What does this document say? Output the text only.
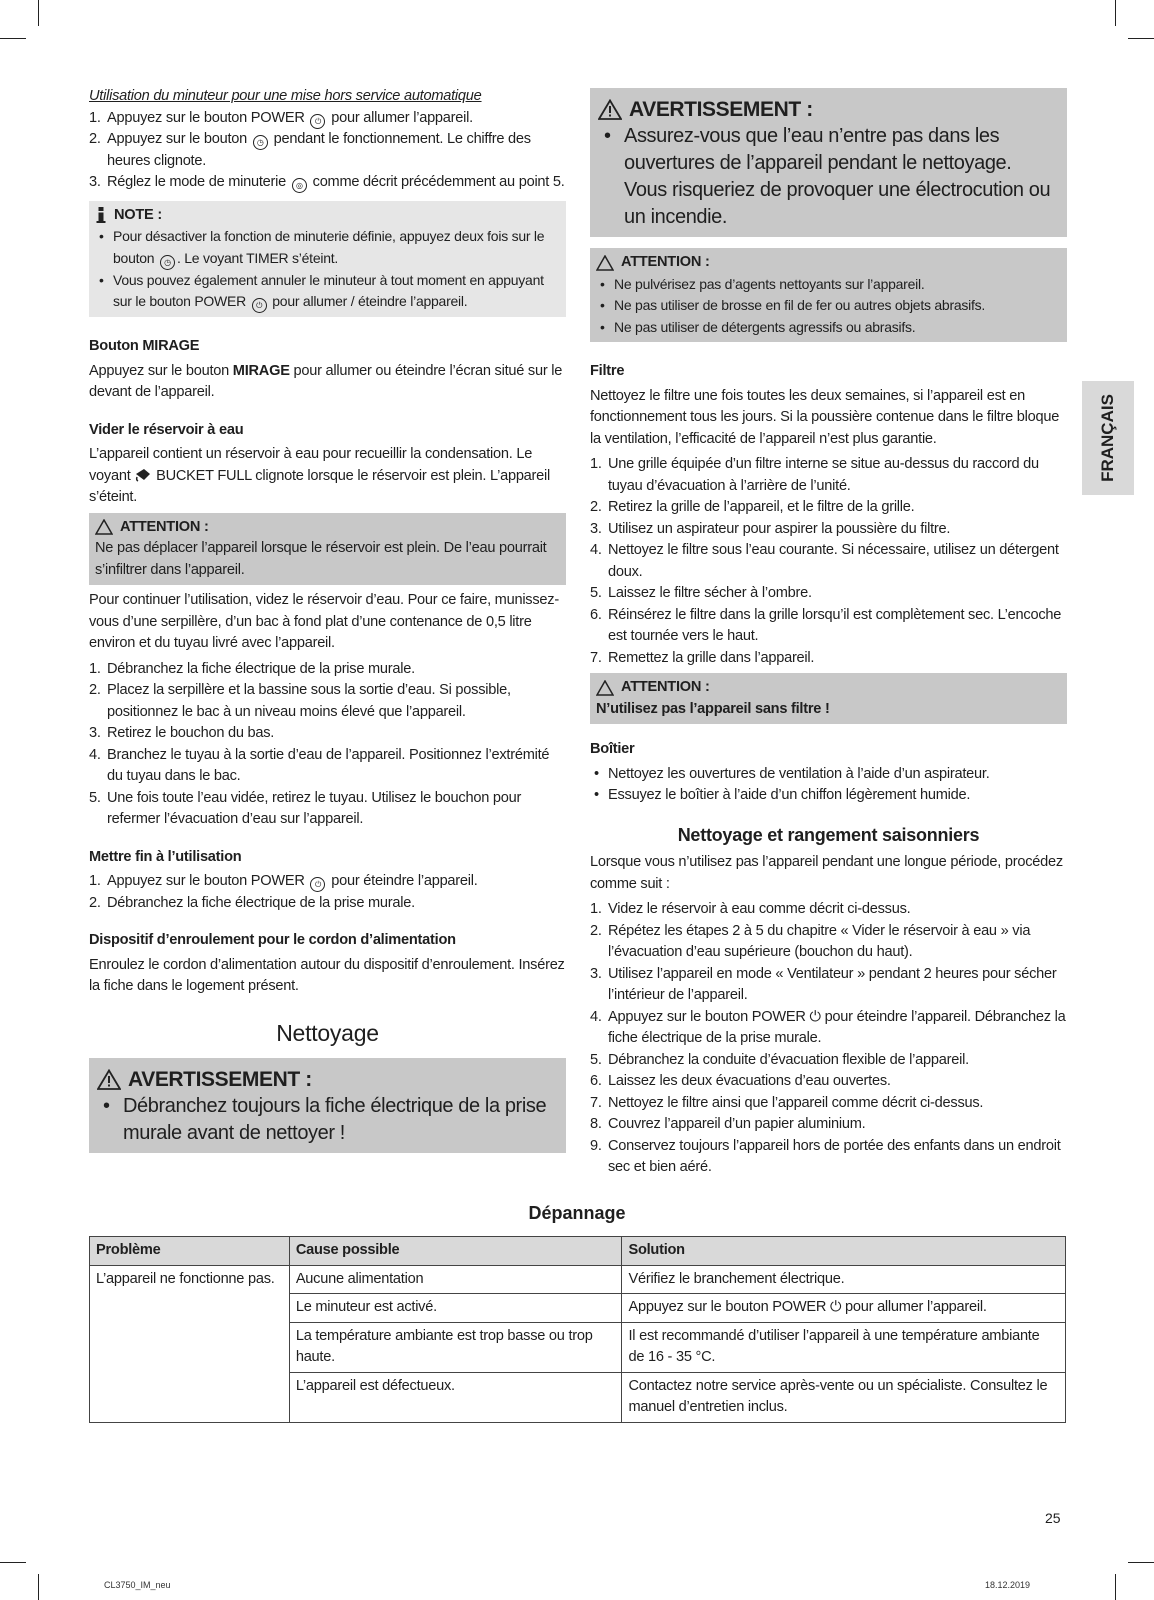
Utilisation du minuteur pour une mise hors service automatique

1. Appuyez sur le bouton POWER ⏻ pour allumer l’appareil.
2. Appuyez sur le bouton ◷ pendant le fonctionnement. Le chiffre des heures clignote.
3. Réglez le mode de minuterie ◎ comme décrit précédemment au point 5.
NOTE :
• Pour désactiver la fonction de minuterie définie, appuyez deux fois sur le bouton ◷ . Le voyant TIMER s’éteint.
• Vous pouvez également annuler le minuteur à tout moment en appuyant sur le bouton POWER ⏻ pour allumer / éteindre l’appareil.
Bouton MIRAGE

Appuyez sur le bouton MIRAGE pour allumer ou éteindre l’écran situé sur le devant de l’appareil.

Vider le réservoir à eau

L’appareil contient un réservoir à eau pour recueillir la condensation. Le voyant BUCKET FULL clignote lorsque le réservoir est plein. L’appareil s’éteint.

ATTENTION :

Ne pas déplacer l’appareil lorsque le réservoir est plein. De l’eau pourrait s’infiltrer dans l’appareil.

Pour continuer l’utilisation, videz le réservoir d’eau. Pour ce faire, munissez-vous d’une serpillère, d’un bac à fond plat d’une contenance de 0,5 litre environ et du tuyau livré avec l’appareil.

1. Débranchez la fiche électrique de la prise murale.
2. Placez la serpillère et la bassine sous la sortie d’eau. Si possible, positionnez le bac à un niveau moins élevé que l’appareil.
3. Retirez le bouchon du bas.
4. Branchez le tuyau à la sortie d’eau de l’appareil. Positionnez l’extrémité du tuyau dans le bac.
5. Une fois toute l’eau vidée, retirez le tuyau. Utilisez le bouchon pour refermer l’évacuation d’eau sur l’appareil.
Mettre fin à l’utilisation
1. Appuyez sur le bouton POWER ⏻ pour éteindre l’appareil.
2. Débranchez la fiche électrique de la prise murale.
Dispositif d’enroulement pour le cordon d’alimentation

Enroulez le cordon d’alimentation autour du dispositif d’enroulement. Insérez la fiche dans le logement présent.

Nettoyage
AVERTISSEMENT :
• Débranchez toujours la fiche électrique de la prise murale avant de nettoyer !
AVERTISSEMENT :
• Assurez-vous que l’eau n’entre pas dans les ouvertures de l’appareil pendant le nettoyage. Vous risqueriez de provoquer une électrocution ou un incendie.
ATTENTION :
• Ne pulvérisez pas d’agents nettoyants sur l’appareil.
• Ne pas utiliser de brosse en fil de fer ou autres objets abrasifs.
• Ne pas utiliser de détergents agressifs ou abrasifs.
Filtre

Nettoyez le filtre une fois toutes les deux semaines, si l’appareil est en fonctionnement tous les jours. Si la poussière contenue dans le filtre bloque la ventilation, l’efficacité de l’appareil n’est plus garantie.

1. Une grille équipée d’un filtre interne se situe au-dessus du raccord du tuyau d’évacuation à l’arrière de l’unité.
2. Retirez la grille de l’appareil, et le filtre de la grille.
3. Utilisez un aspirateur pour aspirer la poussière du filtre.
4. Nettoyez le filtre sous l’eau courante. Si nécessaire, utilisez un détergent doux.
5. Laissez le filtre sécher à l’ombre.
6. Réinsérez le filtre dans la grille lorsqu’il est complètement sec. L’encoche est tournée vers le haut.
7. Remettez la grille dans l’appareil.
ATTENTION :

N’utilisez pas l’appareil sans filtre !

Boîtier
• Nettoyez les ouvertures de ventilation à l’aide d’un aspirateur.
• Essuyez le boîtier à l’aide d’un chiffon légèrement humide.
Nettoyage et rangement saisonniers

Lorsque vous n’utilisez pas l’appareil pendant une longue période, procédez comme suit :

1. Videz le réservoir à eau comme décrit ci-dessus.
2. Répétez les étapes 2 à 5 du chapitre « Vider le réservoir à eau » via l’évacuation d’eau supérieure (bouchon du haut).
3. Utilisez l’appareil en mode « Ventilateur » pendant 2 heures pour sécher l’intérieur de l’appareil.
4. Appuyez sur le bouton POWER ⏻ pour éteindre l’appareil. Débranchez la fiche électrique de la prise murale.
5. Débranchez la conduite d’évacuation flexible de l’appareil.
6. Laissez les deux évacuations d’eau ouvertes.
7. Nettoyez le filtre ainsi que l’appareil comme décrit ci-dessus.
8. Couvrez l’appareil d’un papier aluminium.
9. Conservez toujours l’appareil hors de portée des enfants dans un endroit sec et bien aéré.
FRANÇAIS
Dépannage
Problème	Cause possible	Solution
L’appareil ne fonctionne pas.	Aucune alimentation	Vérifiez le branchement électrique.
	Le minuteur est activé.	Appuyez sur le bouton POWER ⏻ pour allumer l’appareil.
	La température ambiante est trop basse ou trop haute.	Il est recommandé d’utiliser l’appareil à une température ambiante de 16 - 35 °C.
	L’appareil est défectueux.	Contactez notre service après-vente ou un spécialiste. Consultez le manuel d’entretien inclus.
25
CL3750_IM_neu	18.12.2019
